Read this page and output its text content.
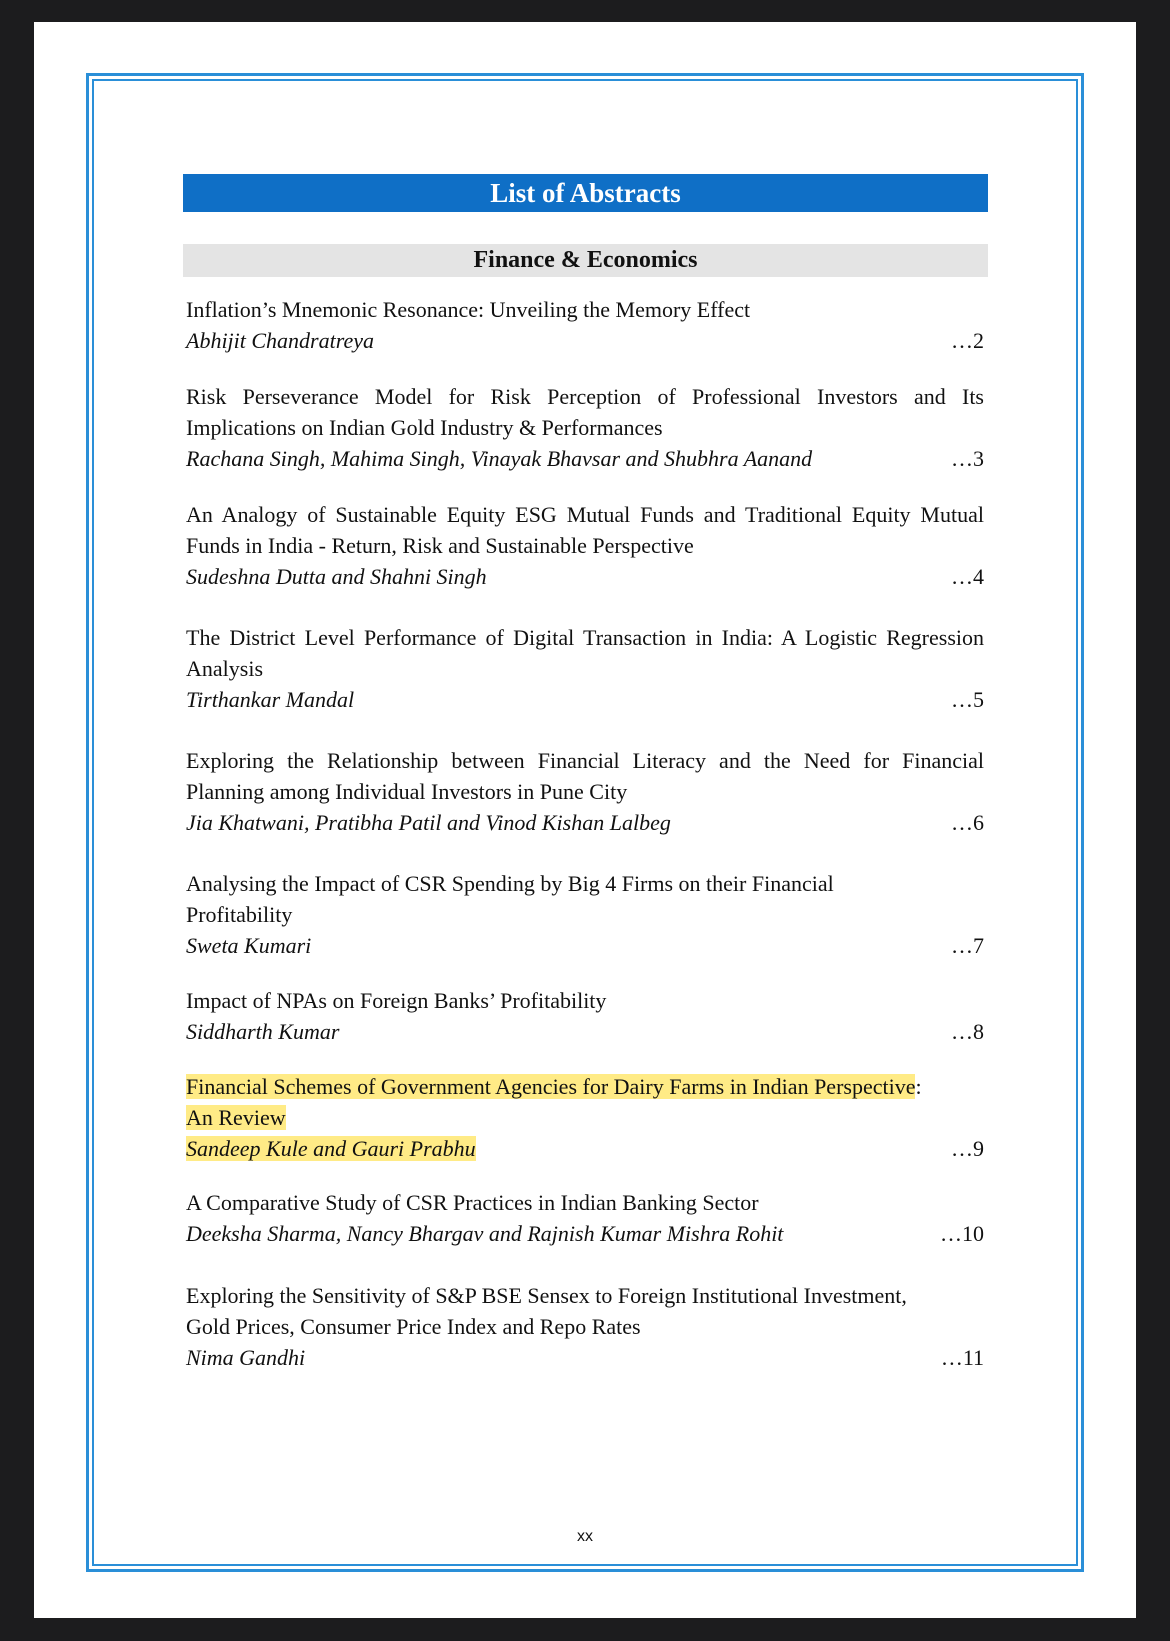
List of Abstracts
Finance & Economics
Inflation’s Mnemonic Resonance: Unveiling the Memory Effect
Abhijit Chandratreya	…2
Risk Perseverance Model for Risk Perception of Professional Investors and Its Implications on Indian Gold Industry & Performances
Rachana Singh, Mahima Singh, Vinayak Bhavsar and Shubhra Aanand	…3
An Analogy of Sustainable Equity ESG Mutual Funds and Traditional Equity Mutual Funds in India - Return, Risk and Sustainable Perspective
Sudeshna Dutta and Shahni Singh	…4
The District Level Performance of Digital Transaction in India: A Logistic Regression Analysis
Tirthankar Mandal	…5
Exploring the Relationship between Financial Literacy and the Need for Financial Planning among Individual Investors in Pune City
Jia Khatwani, Pratibha Patil and Vinod Kishan Lalbeg	…6
Analysing the Impact of CSR Spending by Big 4 Firms on their Financial
Profitability
Sweta Kumari	…7
Impact of NPAs on Foreign Banks’ Profitability
Siddharth Kumar	…8
Financial Schemes of Government Agencies for Dairy Farms in Indian Perspective:
An Review
Sandeep Kule and Gauri Prabhu	…9
A Comparative Study of CSR Practices in Indian Banking Sector
Deeksha Sharma, Nancy Bhargav and Rajnish Kumar Mishra Rohit	…10
Exploring the Sensitivity of S&P BSE Sensex to Foreign Institutional Investment,
Gold Prices, Consumer Price Index and Repo Rates
Nima Gandhi	…11
xx
